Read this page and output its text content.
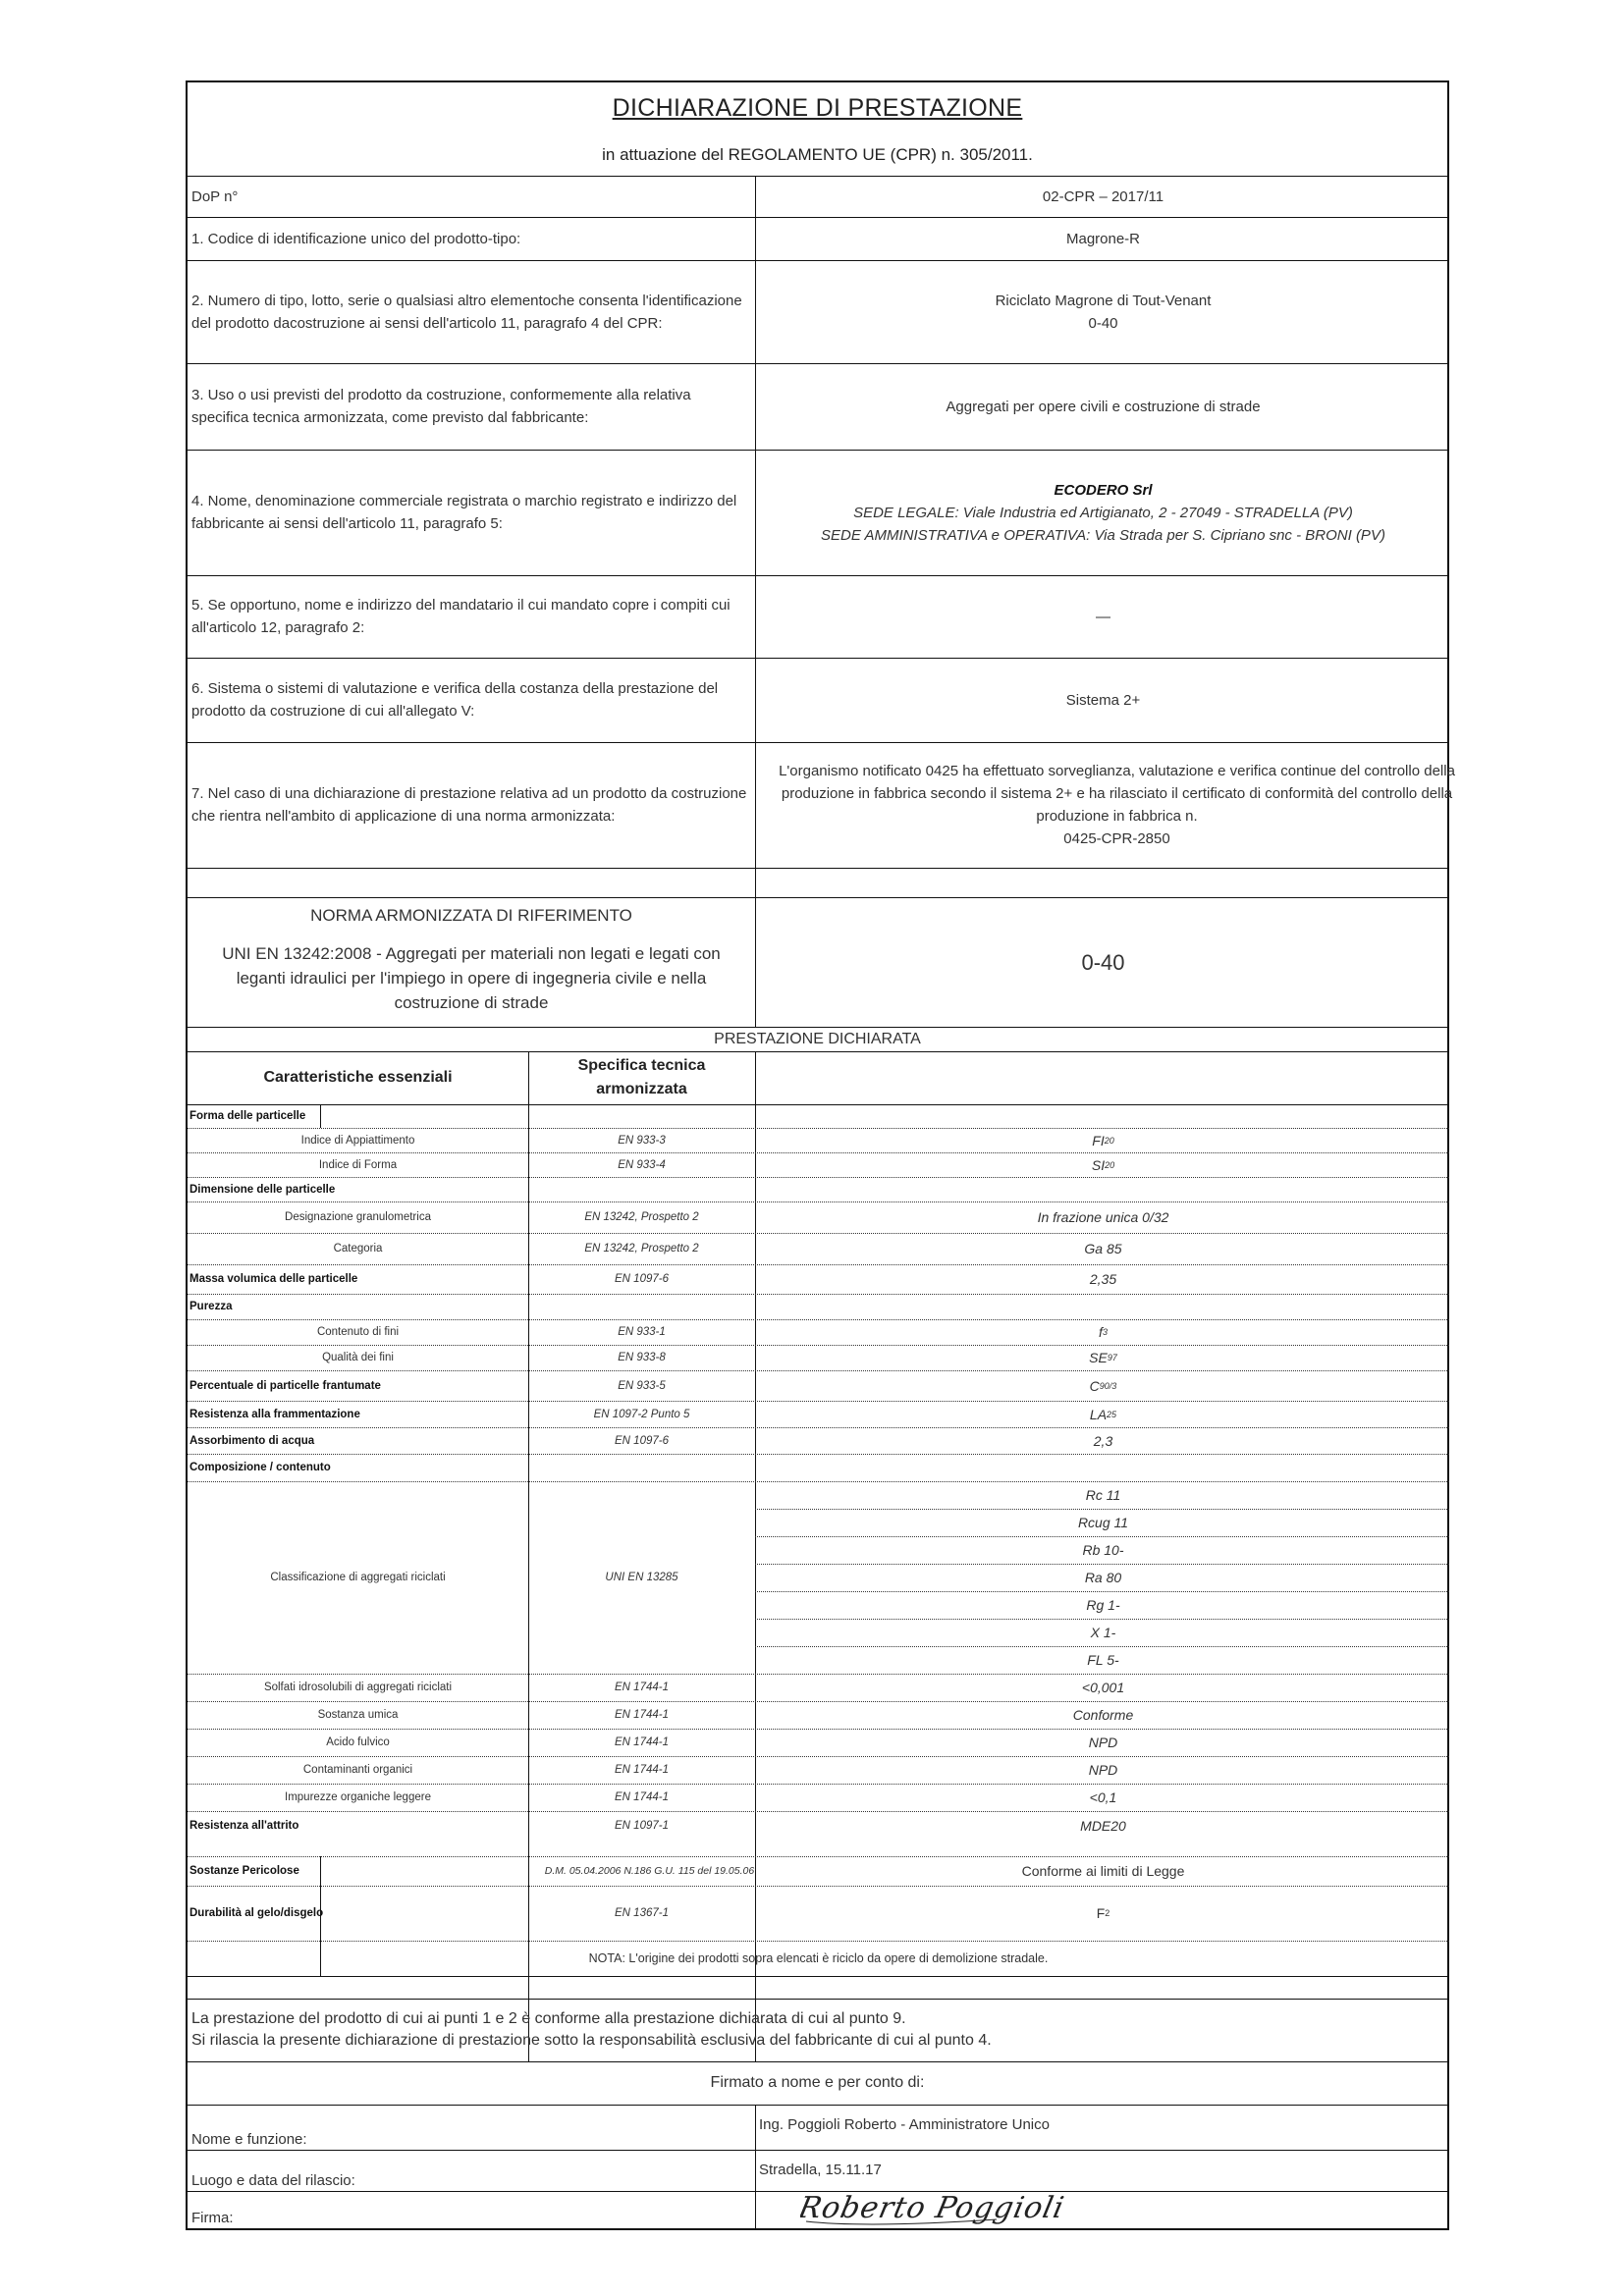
DICHIARAZIONE DI PRESTAZIONE
in attuazione del REGOLAMENTO UE (CPR) n. 305/2011.
DoP n°	02-CPR – 2017/11
1. Codice di identificazione unico del prodotto-tipo:	Magrone-R
2. Numero di tipo, lotto, serie o qualsiasi altro elementoche consenta l'identificazione del prodotto dacostruzione ai sensi dell'articolo 11, paragrafo 4 del CPR:
Riciclato Magrone di Tout-Venant
0-40
3. Uso o usi previsti del prodotto da costruzione, conformemente alla relativa specifica tecnica armonizzata, come previsto dal fabbricante:
Aggregati per opere civili e costruzione di strade
4. Nome, denominazione commerciale registrata o marchio registrato e indirizzo del fabbricante ai sensi dell'articolo 11, paragrafo 5:
ECODERO Srl
SEDE LEGALE: Viale Industria ed Artigianato, 2 - 27049 - STRADELLA (PV)
SEDE AMMINISTRATIVA e OPERATIVA: Via Strada per S. Cipriano snc - BRONI (PV)
5. Se opportuno, nome e indirizzo del mandatario il cui mandato copre i compiti cui all'articolo 12, paragrafo 2:
—
6. Sistema o sistemi di valutazione e verifica della costanza della prestazione del prodotto da costruzione di cui all'allegato V:
Sistema 2+
7. Nel caso di una dichiarazione di prestazione relativa ad un prodotto da costruzione che rientra nell'ambito di applicazione di una norma armonizzata:
L'organismo notificato 0425 ha effettuato sorveglianza, valutazione e verifica continue del controllo della produzione in fabbrica secondo il sistema 2+ e ha rilasciato il certificato di conformità del controllo della produzione in fabbrica n.
0425-CPR-2850
NORMA ARMONIZZATA DI RIFERIMENTO
UNI EN 13242:2008 - Aggregati per materiali non legati e legati con leganti idraulici per l'impiego in opere di ingegneria civile e nella costruzione di strade
0-40
PRESTAZIONE DICHIARATA
Caratteristiche essenziali
Specifica tecnica armonizzata
Forma delle particelle
Indice di Appiattimento	EN 933-3	FI 20
Indice di Forma	EN 933-4	SI 20
Dimensione delle particelle
Designazione granulometrica	EN 13242, Prospetto 2	In frazione unica 0/32
Categoria	EN 13242, Prospetto 2	Ga 85
Massa volumica delle particelle	EN 1097-6	2,35
Purezza
Contenuto di fini	EN 933-1	f 3
Qualità dei fini	EN 933-8	SE 97
Percentuale di particelle frantumate	EN 933-5	C 90/3
Resistenza alla frammentazione	EN 1097-2 Punto 5	LA 25
Assorbimento di acqua	EN 1097-6	2,3
Composizione / contenuto
Classificazione di aggregati riciclati	UNI EN 13285
Rc 11
Rcug 11
Rb 10-
Ra 80
Rg 1-
X 1-
FL 5-
Solfati idrosolubili di aggregati riciclati	EN 1744-1	<0,001
Sostanza umica	EN 1744-1	Conforme
Acido fulvico	EN 1744-1	NPD
Contaminanti organici	EN 1744-1	NPD
Impurezze organiche leggere	EN 1744-1	<0,1
Resistenza all'attrito	EN 1097-1	MDE20
Sostanze Pericolose	D.M. 05.04.2006 N.186 G.U. 115 del 19.05.06	Conforme ai limiti di Legge
Durabilità al gelo/disgelo	EN 1367-1	F 2
NOTA: L'origine dei prodotti sopra elencati è riciclo da opere di demolizione stradale.
La prestazione del prodotto di cui ai punti 1 e 2 è conforme alla prestazione dichiarata di cui al punto 9.
Si rilascia la presente dichiarazione di prestazione sotto la responsabilità esclusiva del fabbricante di cui al punto 4.
Firmato a nome e per conto di:
Nome e funzione:
Ing. Poggioli Roberto - Amministratore Unico
Luogo e data del rilascio:
Stradella, 15.11.17
Firma:	Roberto Poggioli
